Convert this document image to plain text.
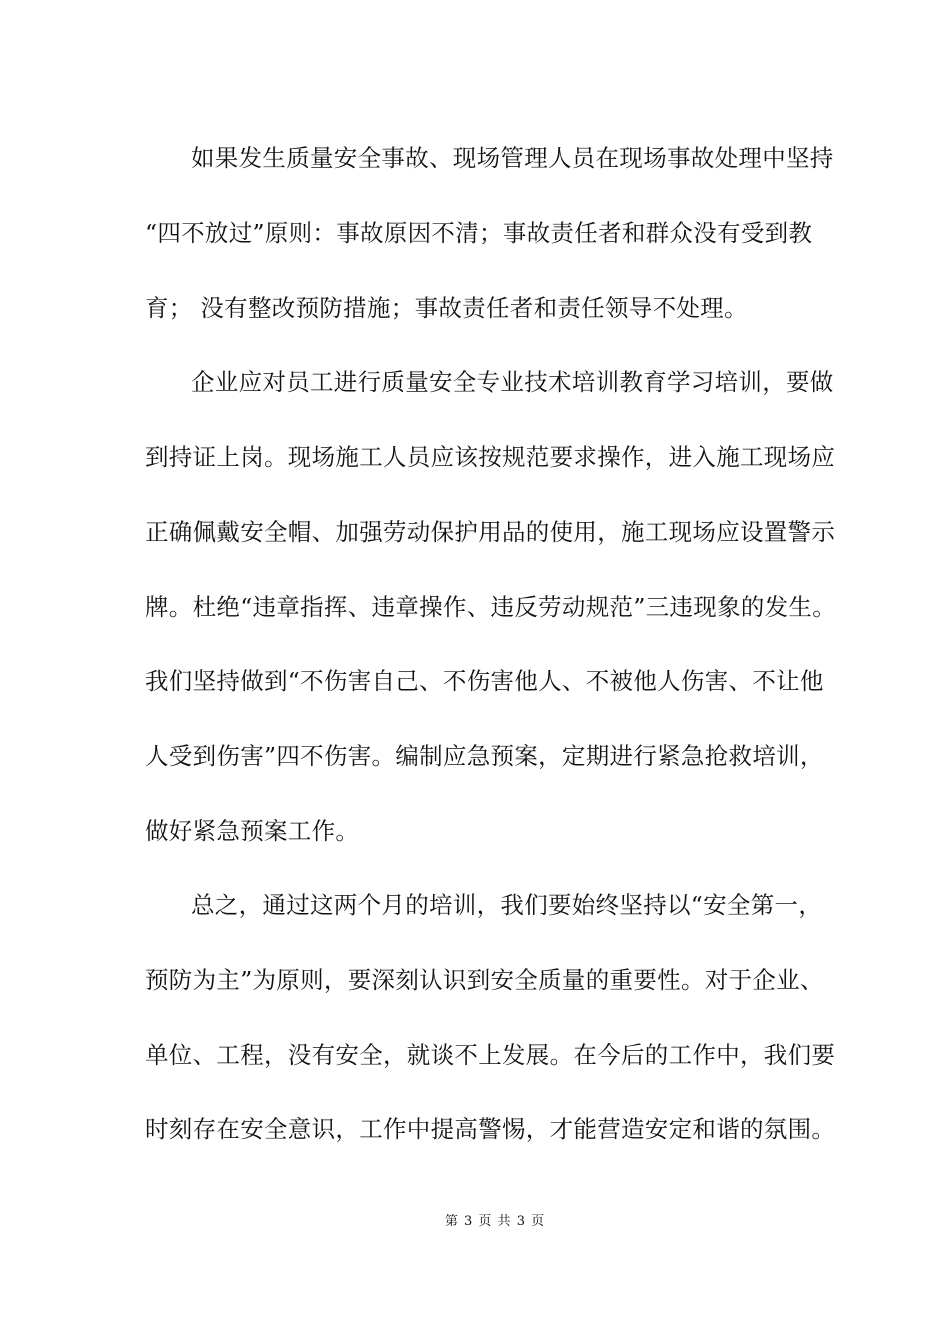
如果发生质量安全事故、现场管理人员在现场事故处理中坚持
“四不放过”原则：事故原因不清；事故责任者和群众没有受到教
育； 没有整改预防措施；事故责任者和责任领导不处理。
企业应对员工进行质量安全专业技术培训教育学习培训，要做
到持证上岗。现场施工人员应该按规范要求操作，进入施工现场应
正确佩戴安全帽、加强劳动保护用品的使用，施工现场应设置警示
牌。杜绝“违章指挥、违章操作、违反劳动规范”三违现象的发生。
我们坚持做到“不伤害自己、不伤害他人、不被他人伤害、不让他
人受到伤害”四不伤害。编制应急预案，定期进行紧急抢救培训，
做好紧急预案工作。
总之，通过这两个月的培训，我们要始终坚持以“安全第一，
预防为主”为原则，要深刻认识到安全质量的重要性。对于企业、
单位、工程，没有安全，就谈不上发展。在今后的工作中，我们要
时刻存在安全意识，工作中提高警惕，才能营造安定和谐的氛围。
第 3 页 共 3 页
